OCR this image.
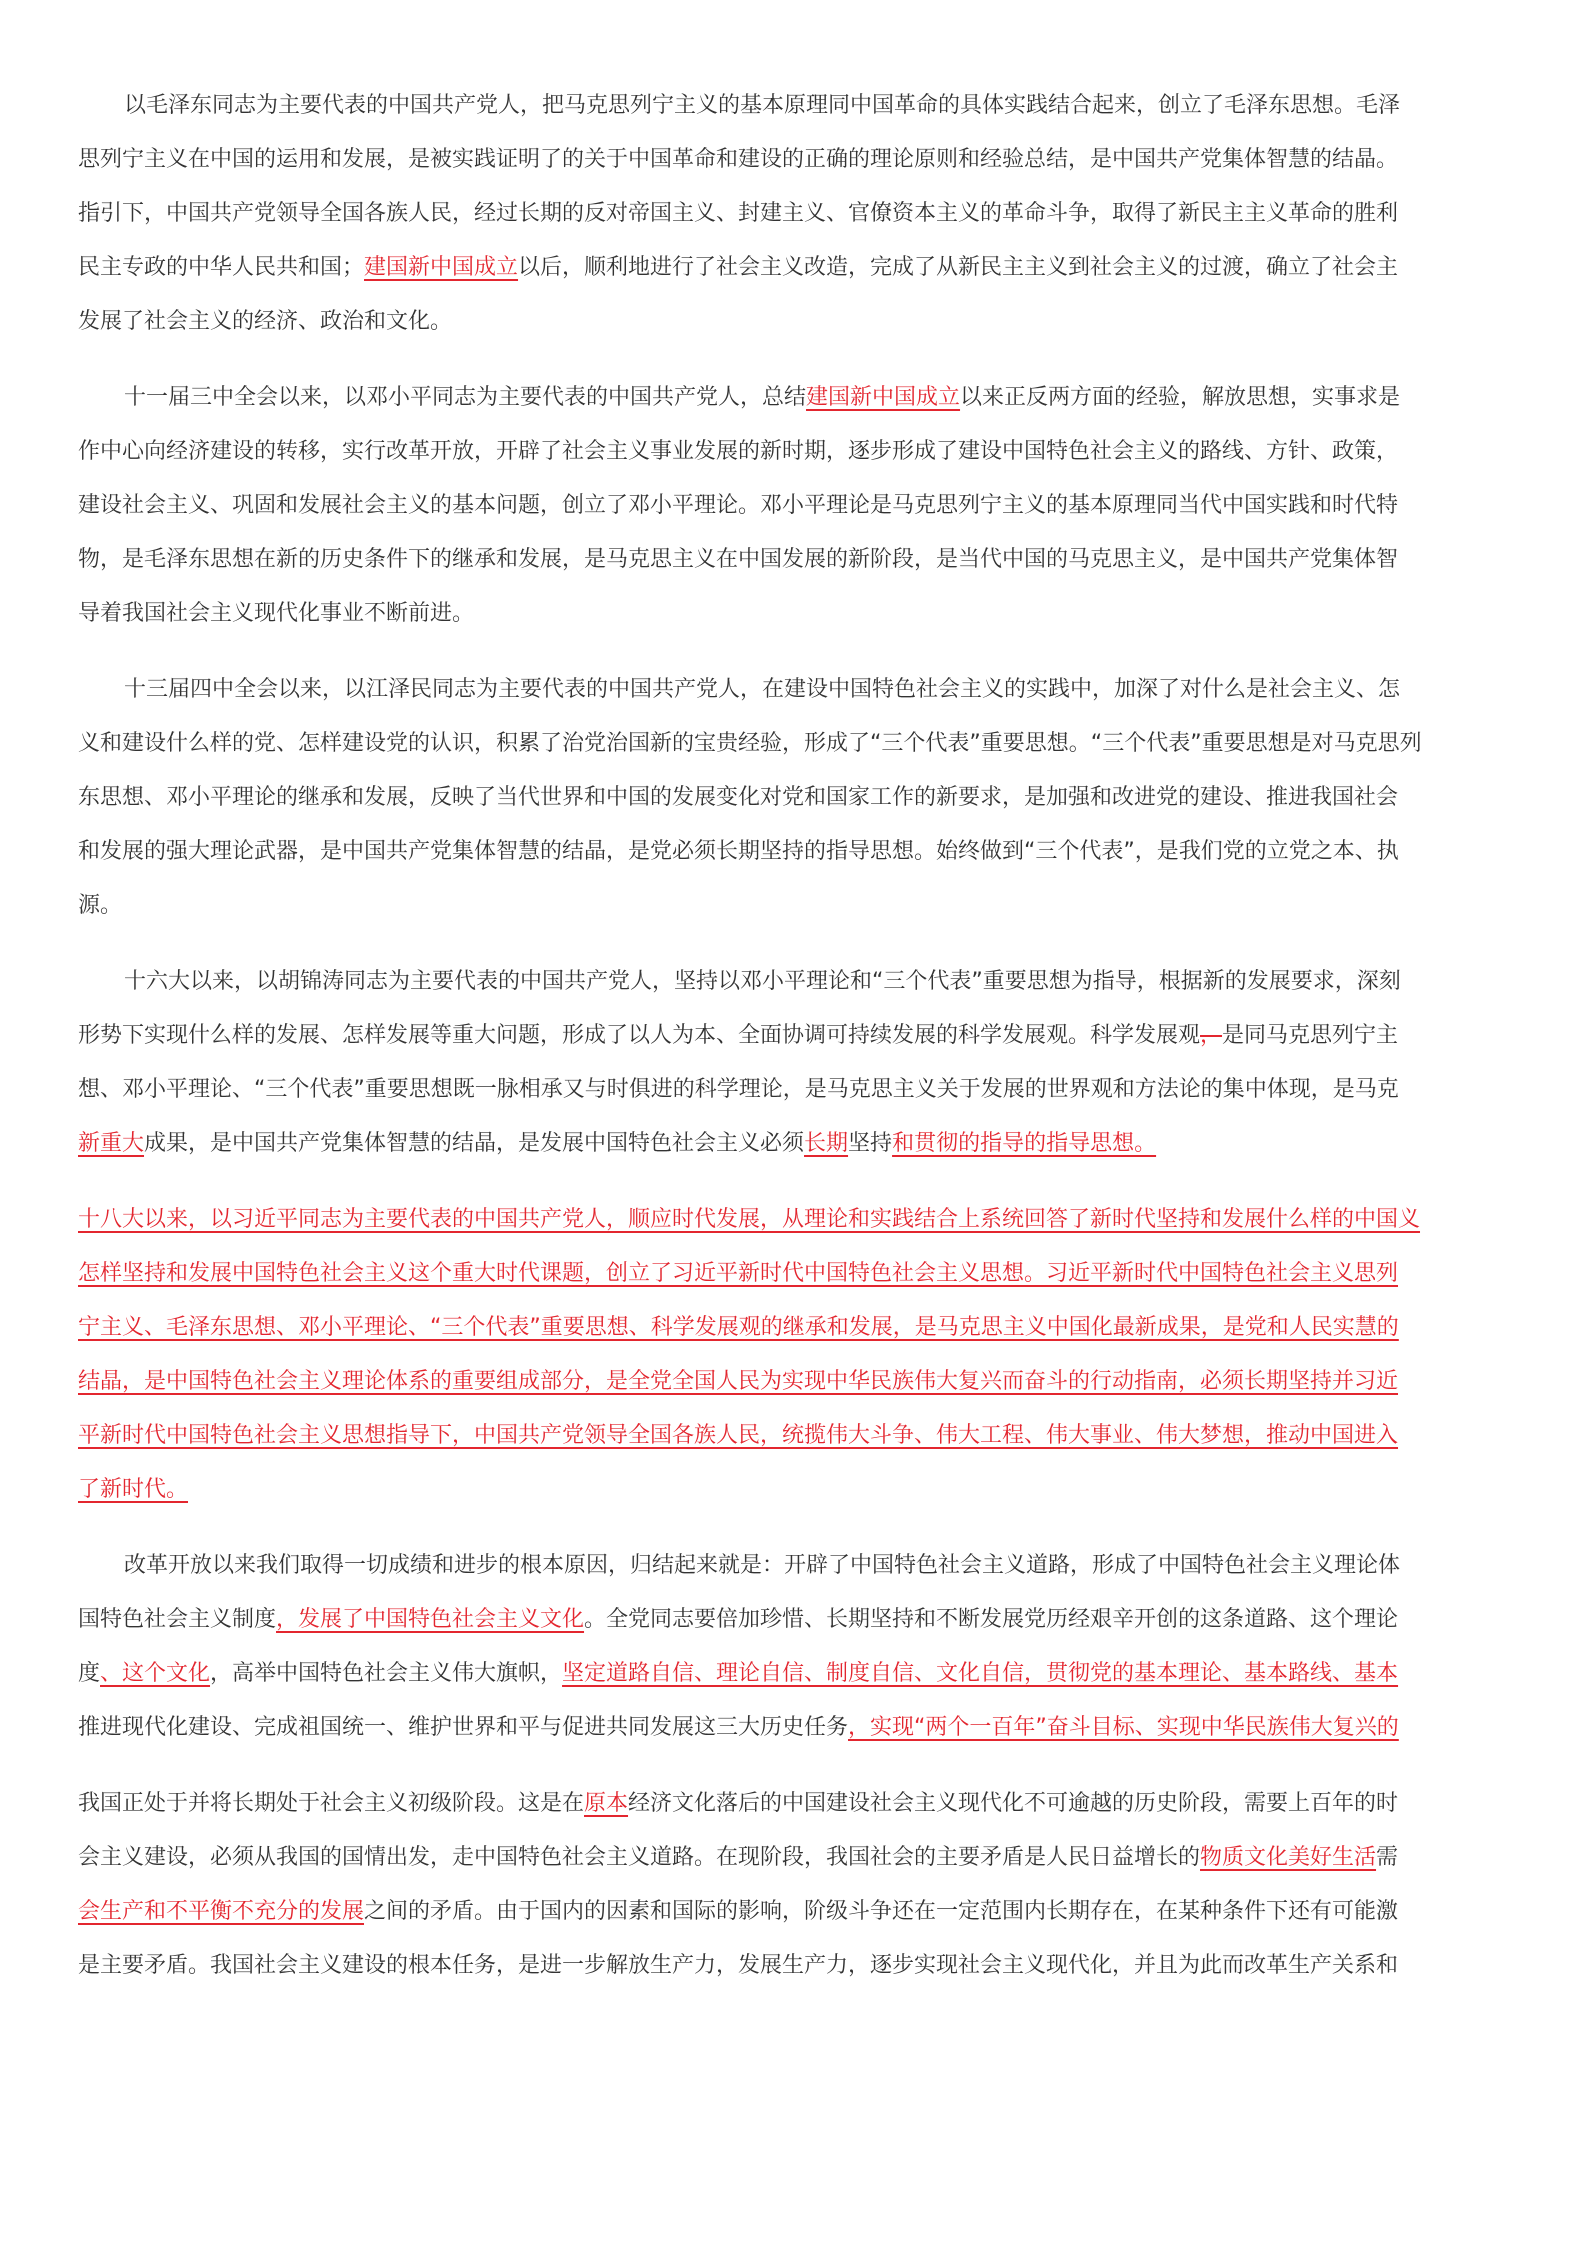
以毛泽东同志为主要代表的中国共产党人，把马克思列宁主义的基本原理同中国革命的具体实践结合起来，创立了毛泽东思想。毛泽
思列宁主义在中国的运用和发展，是被实践证明了的关于中国革命和建设的正确的理论原则和经验总结，是中国共产党集体智慧的结晶。
指引下，中国共产党领导全国各族人民，经过长期的反对帝国主义、封建主义、官僚资本主义的革命斗争，取得了新民主主义革命的胜利
民主专政的中华人民共和国；建国新中国成立以后，顺利地进行了社会主义改造，完成了从新民主主义到社会主义的过渡，确立了社会主
发展了社会主义的经济、政治和文化。
十一届三中全会以来，以邓小平同志为主要代表的中国共产党人，总结建国新中国成立以来正反两方面的经验，解放思想，实事求是
作中心向经济建设的转移，实行改革开放，开辟了社会主义事业发展的新时期，逐步形成了建设中国特色社会主义的路线、方针、政策，
建设社会主义、巩固和发展社会主义的基本问题，创立了邓小平理论。邓小平理论是马克思列宁主义的基本原理同当代中国实践和时代特
物，是毛泽东思想在新的历史条件下的继承和发展，是马克思主义在中国发展的新阶段，是当代中国的马克思主义，是中国共产党集体智
导着我国社会主义现代化事业不断前进。
十三届四中全会以来，以江泽民同志为主要代表的中国共产党人，在建设中国特色社会主义的实践中，加深了对什么是社会主义、怎
义和建设什么样的党、怎样建设党的认识，积累了治党治国新的宝贵经验，形成了“三个代表”重要思想。“三个代表”重要思想是对马克思列
东思想、邓小平理论的继承和发展，反映了当代世界和中国的发展变化对党和国家工作的新要求，是加强和改进党的建设、推进我国社会
和发展的强大理论武器，是中国共产党集体智慧的结晶，是党必须长期坚持的指导思想。始终做到“三个代表”，是我们党的立党之本、执
源。
十六大以来，以胡锦涛同志为主要代表的中国共产党人，坚持以邓小平理论和“三个代表”重要思想为指导，根据新的发展要求，深刻
形势下实现什么样的发展、怎样发展等重大问题，形成了以人为本、全面协调可持续发展的科学发展观。科学发展观，是同马克思列宁主
想、邓小平理论、“三个代表”重要思想既一脉相承又与时俱进的科学理论，是马克思主义关于发展的世界观和方法论的集中体现，是马克
新重大成果，是中国共产党集体智慧的结晶，是发展中国特色社会主义必须长期坚持和贯彻的指导的指导思想。
十八大以来，以习近平同志为主要代表的中国共产党人，顺应时代发展，从理论和实践结合上系统回答了新时代坚持和发展什么样的中国义
怎样坚持和发展中国特色社会主义这个重大时代课题，创立了习近平新时代中国特色社会主义思想。习近平新时代中国特色社会主义思列
宁主义、毛泽东思想、邓小平理论、“三个代表”重要思想、科学发展观的继承和发展，是马克思主义中国化最新成果，是党和人民实慧的
结晶，是中国特色社会主义理论体系的重要组成部分，是全党全国人民为实现中华民族伟大复兴而奋斗的行动指南，必须长期坚持并习近
平新时代中国特色社会主义思想指导下，中国共产党领导全国各族人民，统揽伟大斗争、伟大工程、伟大事业、伟大梦想，推动中国进入
了新时代。
改革开放以来我们取得一切成绩和进步的根本原因，归结起来就是：开辟了中国特色社会主义道路，形成了中国特色社会主义理论体
国特色社会主义制度，发展了中国特色社会主义文化。全党同志要倍加珍惜、长期坚持和不断发展党历经艰辛开创的这条道路、这个理论
度、这个文化，高举中国特色社会主义伟大旗帜，坚定道路自信、理论自信、制度自信、文化自信，贯彻党的基本理论、基本路线、基本
推进现代化建设、完成祖国统一、维护世界和平与促进共同发展这三大历史任务，实现“两个一百年”奋斗目标、实现中华民族伟大复兴的
我国正处于并将长期处于社会主义初级阶段。这是在原本经济文化落后的中国建设社会主义现代化不可逾越的历史阶段，需要上百年的时
会主义建设，必须从我国的国情出发，走中国特色社会主义道路。在现阶段，我国社会的主要矛盾是人民日益增长的物质文化美好生活需
会生产和不平衡不充分的发展之间的矛盾。由于国内的因素和国际的影响，阶级斗争还在一定范围内长期存在，在某种条件下还有可能激
是主要矛盾。我国社会主义建设的根本任务，是进一步解放生产力，发展生产力，逐步实现社会主义现代化，并且为此而改革生产关系和
